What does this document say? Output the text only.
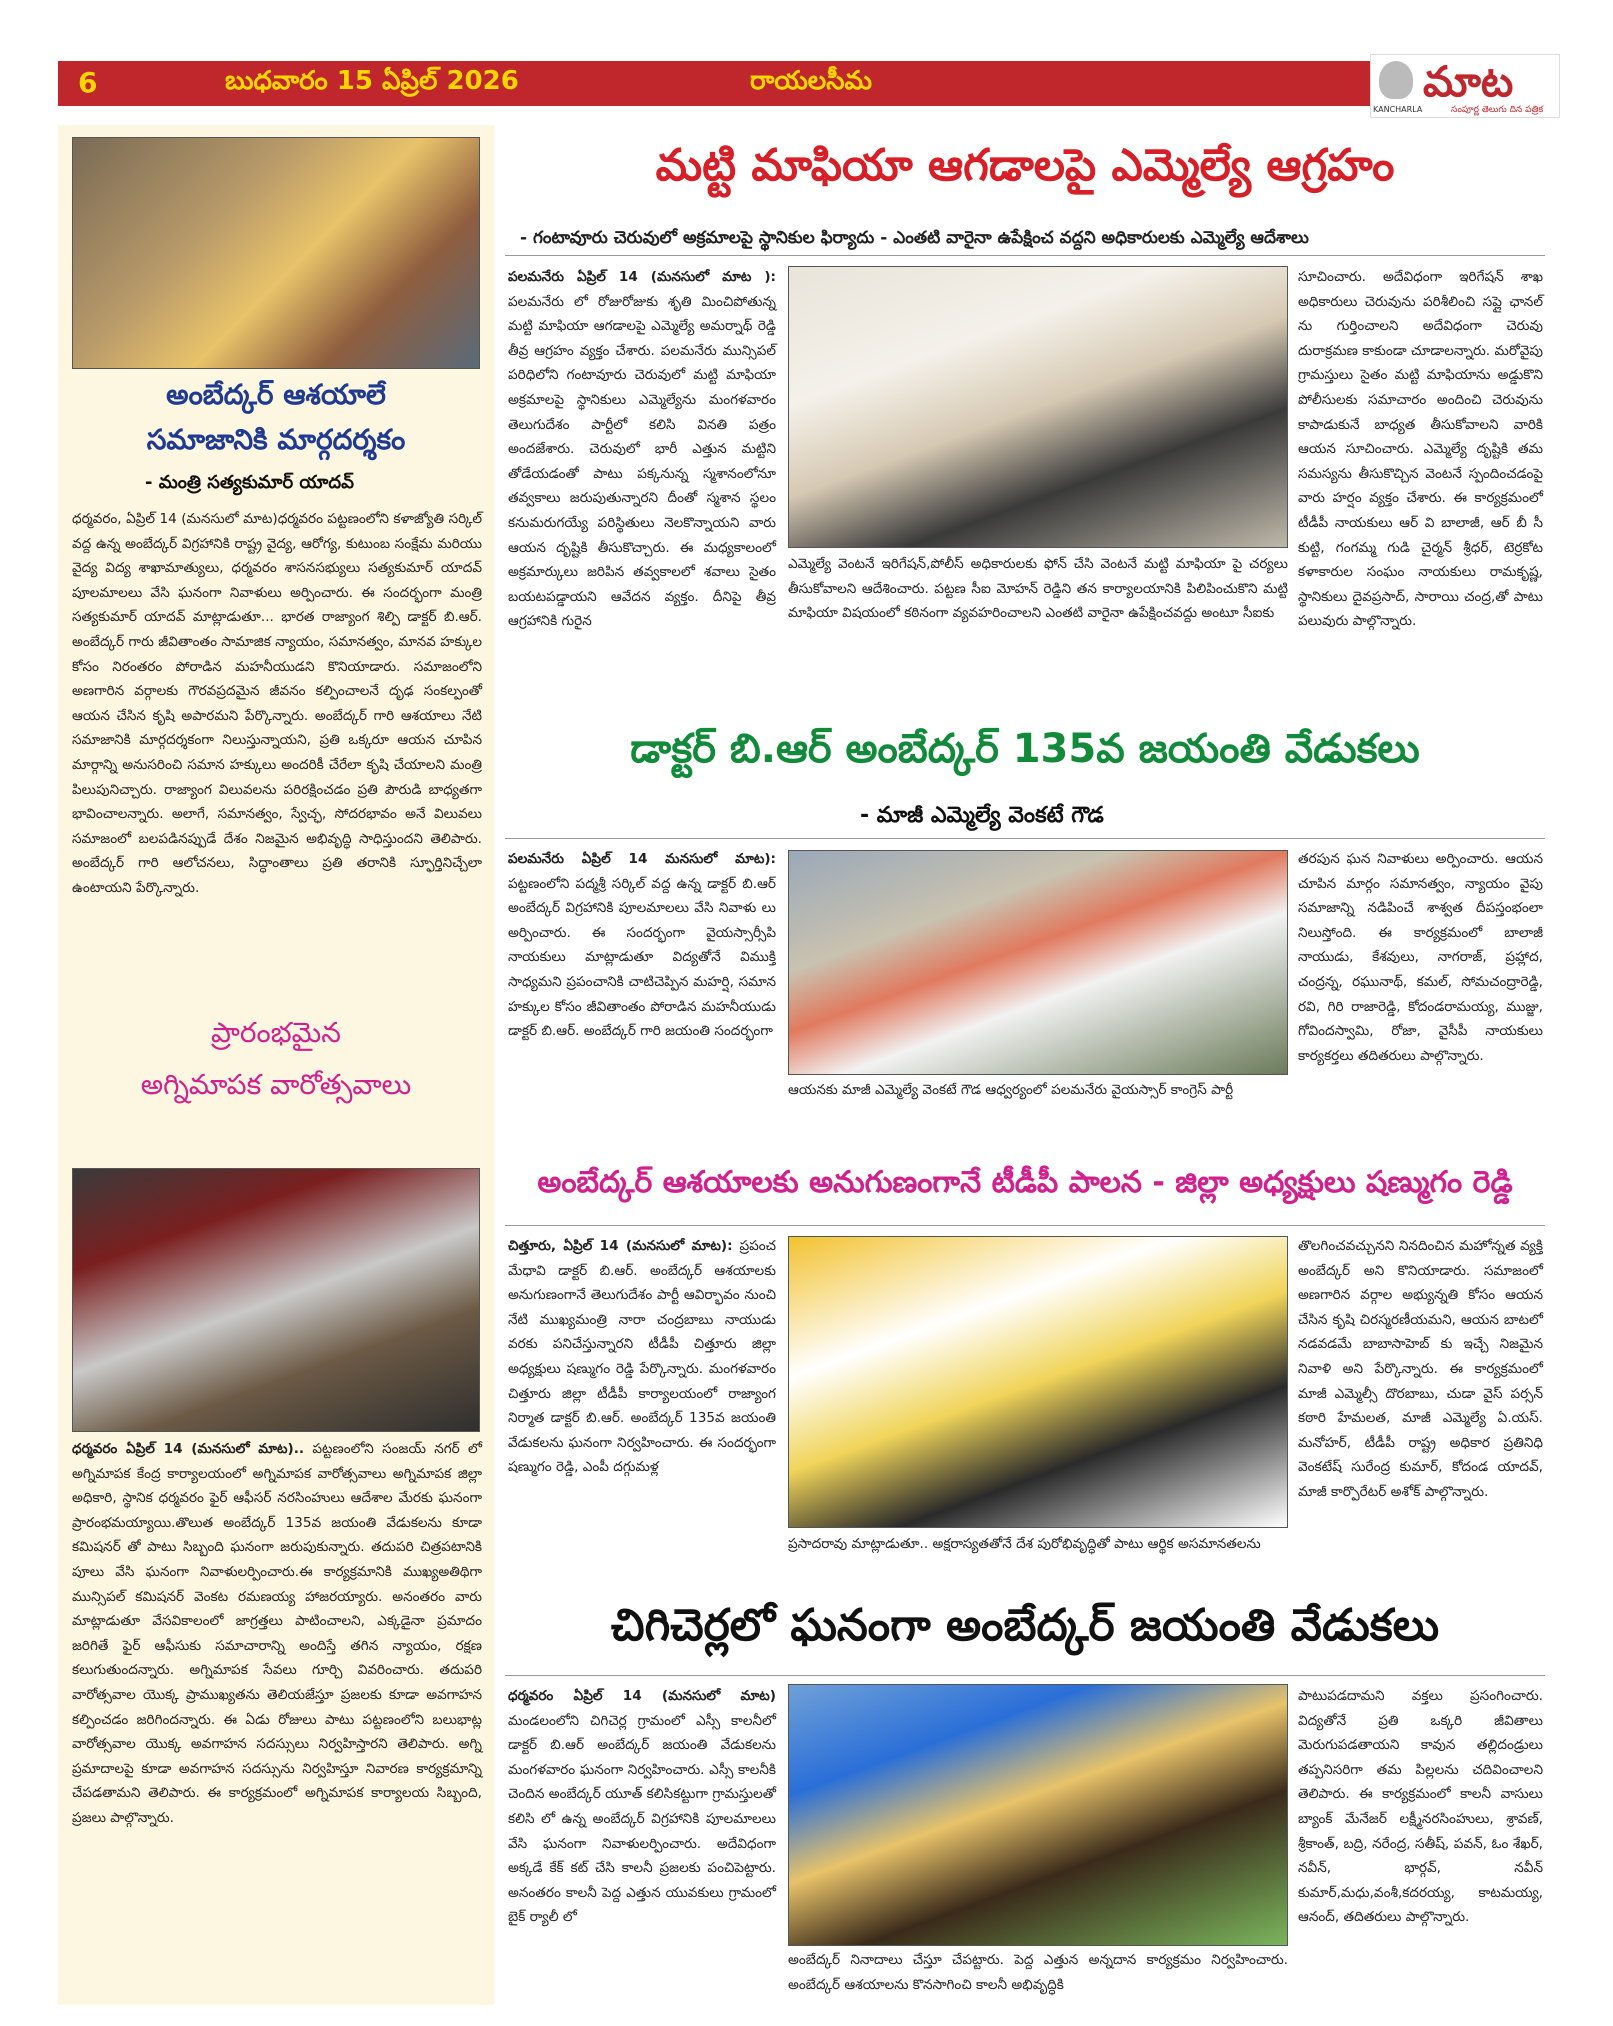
6	బుధవారం 15 ఏప్రిల్ 2026	రాయలసీమ	మాట
KANCHARLA	సంపూర్ణ తెలుగు దిన పత్రిక
అంబేద్కర్ ఆశయాలే
సమాజానికి మార్గదర్శకం
- మంత్రి సత్యకుమార్ యాదవ్
ధర్మవరం, ఏప్రిల్ 14 (మనసులో మాట)ధర్మవరం పట్టణంలోని కళాజ్యోతి సర్కిల్ వద్ద ఉన్న అంబేద్కర్ విగ్రహానికి రాష్ట్ర వైద్య, ఆరోగ్య, కుటుంబ సంక్షేమ మరియు వైద్య విద్య శాఖామాత్యులు, ధర్మవరం శాసనసభ్యులు సత్యకుమార్ యాదవ్ పూలమాలలు వేసి ఘనంగా నివాళులు అర్పించారు. ఈ సందర్భంగా మంత్రి సత్యకుమార్ యాదవ్ మాట్లాడుతూ... భారత రాజ్యాంగ శిల్పి డాక్టర్ బి.ఆర్. అంబేద్కర్ గారు జీవితాంతం సామాజిక న్యాయం, సమానత్వం, మానవ హక్కుల కోసం నిరంతరం పోరాడిన మహనీయుడని కొనియాడారు. సమాజంలోని అణగారిన వర్గాలకు గౌరవప్రదమైన జీవనం కల్పించాలనే దృఢ సంకల్పంతో ఆయన చేసిన కృషి అపారమని పేర్కొన్నారు. అంబేద్కర్ గారి ఆశయాలు నేటి సమాజానికి మార్గదర్శకంగా నిలుస్తున్నాయని, ప్రతి ఒక్కరూ ఆయన చూపిన మార్గాన్ని అనుసరించి సమాన హక్కులు అందరికీ చేరేలా కృషి చేయాలని మంత్రి పిలుపునిచ్చారు. రాజ్యాంగ విలువలను పరిరక్షించడం ప్రతి పౌరుడి బాధ్యతగా భావించాలన్నారు. అలాగే, సమానత్వం, స్వేచ్ఛ, సోదరభావం అనే విలువలు సమాజంలో బలపడినప్పుడే దేశం నిజమైన అభివృద్ధి సాధిస్తుందని తెలిపారు. అంబేద్కర్ గారి ఆలోచనలు, సిద్ధాంతాలు ప్రతి తరానికి స్ఫూర్తినిచ్చేలా ఉంటాయని పేర్కొన్నారు.
ప్రారంభమైన
అగ్నిమాపక వారోత్సవాలు
ధర్మవరం ఏప్రిల్ 14 (మనసులో మాట).. పట్టణంలోని సంజయ్ నగర్ లో అగ్నిమాపక కేంద్ర కార్యాలయంలో అగ్నిమాపక వారోత్సవాలు అగ్నిమాపక జిల్లా అధికారి, స్థానిక ధర్మవరం ఫైర్ ఆఫీసర్ నరసింహులు ఆదేశాల మేరకు ఘనంగా ప్రారంభమయ్యాయి.తొలుత అంబేద్కర్ 135వ జయంతి వేడుకలను కూడా కమిషనర్ తో పాటు సిబ్బంది ఘనంగా జరుపుకున్నారు. తదుపరి చిత్రపటానికి పూలు వేసి ఘనంగా నివాళులర్పించారు.ఈ కార్యక్రమానికి ముఖ్యఅతిథిగా మున్సిపల్ కమిషనర్ వెంకట రమణయ్య హాజరయ్యారు. అనంతరం వారు మాట్లాడుతూ వేసవికాలంలో జాగ్రత్తలు పాటించాలని, ఎక్కడైనా ప్రమాదం జరిగితే ఫైర్ ఆఫీసుకు సమాచారాన్ని అందిస్తే తగిన న్యాయం, రక్షణ కలుగుతుందన్నారు. అగ్నిమాపక సేవలు గూర్చి వివరించారు. తదుపరి వారోత్సవాల యొక్క ప్రాముఖ్యతను తెలియజేస్తూ ప్రజలకు కూడా అవగాహన కల్పించడం జరిగిందన్నారు. ఈ ఏడు రోజులు పాటు పట్టణంలోని బలుభాట్ల వారోత్సవాల యొక్క అవగాహన సదస్సులు నిర్వహిస్తారని తెలిపారు. అగ్ని ప్రమాదాలపై కూడా అవగాహన సదస్సును నిర్వహిస్తూ నివారణ కార్యక్రమాన్ని చేపడతామని తెలిపారు. ఈ కార్యక్రమంలో అగ్నిమాపక కార్యాలయ సిబ్బంది, ప్రజలు పాల్గొన్నారు.
మట్టి మాఫియా ఆగడాలపై ఎమ్మెల్యే ఆగ్రహం
- గంటావూరు చెరువులో అక్రమాలపై స్థానికుల ఫిర్యాదు - ఎంతటి వారైనా ఉపేక్షించ వద్దని అధికారులకు ఎమ్మెల్యే ఆదేశాలు
పలమనేరు ఏప్రిల్ 14 (మనసులో మాట ): పలమనేరు లో రోజురోజుకు శృతి మించిపోతున్న మట్టి మాఫియా ఆగడాలపై ఎమ్మెల్యే అమర్నాథ్ రెడ్డి తీవ్ర ఆగ్రహం వ్యక్తం చేశారు. పలమనేరు మున్సిపల్ పరిధిలోని గంటావూరు చెరువులో మట్టి మాఫియా అక్రమాలపై స్థానికులు ఎమ్మెల్యేను మంగళవారం తెలుగుదేశం పార్టీలో కలిసి వినతి పత్రం అందజేశారు. చెరువులో భారీ ఎత్తున మట్టిని తోడేయడంతో పాటు పక్కనున్న స్మశానంలోనూ తవ్వకాలు జరుపుతున్నారని దీంతో స్మశాన స్థలం కనుమరుగయ్యే పరిస్థితులు నెలకొన్నాయని వారు ఆయన దృష్టికి తీసుకొచ్చారు. ఈ మధ్యకాలంలో అక్రమార్కులు జరిపిన తవ్వకాలలో శవాలు సైతం బయటపడ్డాయని ఆవేదన వ్యక్తం. దీనిపై తీవ్ర ఆగ్రహానికి గురైన
ఎమ్మెల్యే వెంటనే ఇరిగేషన్,పోలీస్ అధికారులకు ఫోన్ చేసి వెంటనే మట్టి మాఫియా పై చర్యలు తీసుకోవాలని ఆదేశించారు. పట్టణ సీఐ మోహన్ రెడ్డిని తన కార్యాలయానికి పిలిపించుకొని మట్టి మాఫియా విషయంలో కఠినంగా వ్యవహరించాలని ఎంతటి వారైనా ఉపేక్షించవద్దు అంటూ సీఐకు
సూచించారు. అదేవిధంగా ఇరిగేషన్ శాఖ అధికారులు చెరువును పరిశీలించి సప్లై ఛానల్ ను గుర్తించాలని అదేవిధంగా చెరువు దురాక్రమణ కాకుండా చూడాలన్నారు. మరోవైపు గ్రామస్తులు సైతం మట్టి మాఫియాను అడ్డుకొని పోలీసులకు సమాచారం అందించి చెరువును కాపాడుకునే బాధ్యత తీసుకోవాలని వారికి ఆయన సూచించారు. ఎమ్మెల్యే దృష్టికి తమ సమస్యను తీసుకొచ్చిన వెంటనే స్పందించడంపై వారు హర్షం వ్యక్తం చేశారు. ఈ కార్యక్రమంలో టీడీపీ నాయకులు ఆర్ వి బాలాజీ, ఆర్ బీ సీ కుట్టి, గంగమ్మ గుడి చైర్మన్ శ్రీధర్, టెర్రకోట కళాకారుల సంఘం నాయకులు రామకృష్ణ, స్థానికులు దైవప్రసాద్, సారాయి చంద్ర,తో పాటు పలువురు పాల్గొన్నారు.
డాక్టర్ బి.ఆర్ అంబేద్కర్ 135వ జయంతి వేడుకలు
- మాజీ ఎమ్మెల్యే వెంకటే గౌడ
పలమనేరు ఏప్రిల్ 14 మనసులో మాట): పట్టణంలోని పద్మశ్రీ సర్కిల్ వద్ద ఉన్న డాక్టర్ బి.ఆర్ అంబేద్కర్ విగ్రహానికి పూలమాలలు వేసి నివాళు లు అర్పించారు. ఈ సందర్భంగా వైయస్సార్సీపి నాయకులు మాట్లాడుతూ విద్యతోనే విముక్తి సాధ్యమని ప్రపంచానికి చాటిచెప్పిన మహర్షి, సమాన హక్కుల కోసం జీవితాంతం పోరాడిన మహనీయుడు డాక్టర్ బి.ఆర్. అంబేద్కర్ గారి జయంతి సందర్భంగా
ఆయనకు మాజీ ఎమ్మెల్యే వెంకటే గౌడ ఆధ్వర్యంలో పలమనేరు వైయస్సార్ కాంగ్రెస్ పార్టీ
తరపున ఘన నివాళులు అర్పించారు. ఆయన చూపిన మార్గం సమానత్వం, న్యాయం వైపు సమాజాన్ని నడిపించే శాశ్వత దీపస్తంభంలా నిలుస్తోంది. ఈ కార్యక్రమంలో బాలాజీ నాయుడు, కేశవులు, నాగరాజ్, ప్రహ్లాద, చంద్రన్న, రఘునాథ్, కమల్, సోమచంద్రారెడ్డి, రవి, గిరి రాజారెడ్డి, కోదండరామయ్య, ముజ్జు, గోవిందస్వామి, రోజా, వైసీపీ నాయకులు కార్యకర్తలు తదితరులు పాల్గొన్నారు.
అంబేద్కర్ ఆశయాలకు అనుగుణంగానే టీడీపీ పాలన - జిల్లా అధ్యక్షులు షణ్ముగం రెడ్డి
చిత్తూరు, ఏప్రిల్ 14 (మనసులో మాట): ప్రపంచ మేధావి డాక్టర్ బి.ఆర్. అంబేద్కర్ ఆశయాలకు అనుగుణంగానే తెలుగుదేశం పార్టీ ఆవిర్భావం నుంచి నేటి ముఖ్యమంత్రి నారా చంద్రబాబు నాయుడు వరకు పనిచేస్తున్నారని టీడీపీ చిత్తూరు జిల్లా అధ్యక్షులు షణ్ముగం రెడ్డి పేర్కొన్నారు. మంగళవారం చిత్తూరు జిల్లా టీడీపీ కార్యాలయంలో రాజ్యాంగ నిర్మాత డాక్టర్ బి.ఆర్. అంబేద్కర్ 135వ జయంతి వేడుకలను ఘనంగా నిర్వహించారు. ఈ సందర్భంగా షణ్ముగం రెడ్డి, ఎంపీ దగ్గుమళ్ల
ప్రసాదరావు మాట్లాడుతూ.. అక్షరాస్యతతోనే దేశ పురోభివృద్ధితో పాటు ఆర్థిక అసమానతలను
తొలగించవచ్చునని నినదించిన మహోన్నత వ్యక్తి అంబేద్కర్ అని కొనియాడారు. సమాజంలో అణగారిన వర్గాల అభ్యున్నతి కోసం ఆయన చేసిన కృషి చిరస్మరణీయమని, ఆయన బాటలో నడవడమే బాబాసాహెబ్ కు ఇచ్చే నిజమైన నివాళి అని పేర్కొన్నారు. ఈ కార్యక్రమంలో మాజీ ఎమ్మెల్సీ దొరబాబు, చుడా వైస్ పర్సన్ కఠారి హేమలత, మాజీ ఎమ్మెల్యే ఏ.యస్. మనోహర్, టీడీపీ రాష్ట్ర అధికార ప్రతినిధి వెంకటేష్ సురేంద్ర కుమార్, కోదండ యాదవ్, మాజీ కార్పొరేటర్ అశోక్ పాల్గొన్నారు.
చిగిచెర్లలో ఘనంగా అంబేద్కర్ జయంతి వేడుకలు
ధర్మవరం ఏప్రిల్ 14 (మనసులో మాట) మండలంలోని చిగిచెర్ల గ్రామంలో ఎస్సీ కాలనీలో డాక్టర్ బి.ఆర్ అంబేద్కర్ జయంతి వేడుకలను మంగళవారం ఘనంగా నిర్వహించారు. ఎస్సీ కాలనీకి చెందిన అంబేద్కర్ యూత్ కలిసికట్టుగా గ్రామస్తులతో కలిసి లో ఉన్న అంబేద్కర్ విగ్రహానికి పూలమాలలు వేసి ఘనంగా నివాళులర్పించారు. అదేవిధంగా అక్కడే కేక్ కట్ చేసి కాలనీ ప్రజలకు పంచిపెట్టారు. అనంతరం కాలనీ పెద్ద ఎత్తున యువకులు గ్రామంలో బైక్ ర్యాలీ లో
అంబేద్కర్ నినాదాలు చేస్తూ చేపట్టారు. పెద్ద ఎత్తున అన్నదాన కార్యక్రమం నిర్వహించారు. అంబేద్కర్ ఆశయాలను కొనసాగించి కాలనీ అభివృద్ధికి
పాటుపడదామని వక్తలు ప్రసంగించారు. విద్యతోనే ప్రతి ఒక్కరి జీవితాలు మెరుగుపడతాయని కావున తల్లిదండ్రులు తప్పనిసరిగా తమ పిల్లలను చదివించాలని తెలిపారు. ఈ కార్యక్రమంలో కాలనీ వాసులు బ్యాంక్ మేనేజర్ లక్ష్మీనరసింహులు, శ్రావణ్, శ్రీకాంత్, బద్రి, నరేంద్ర, సతీష్, పవన్, ఓం శేఖర్, నవీన్, భార్గవ్, నవీన్ కుమార్,మధు,వంశీ,కదరయ్య, కాటమయ్య, ఆనంద్, తదితరులు పాల్గొన్నారు.
